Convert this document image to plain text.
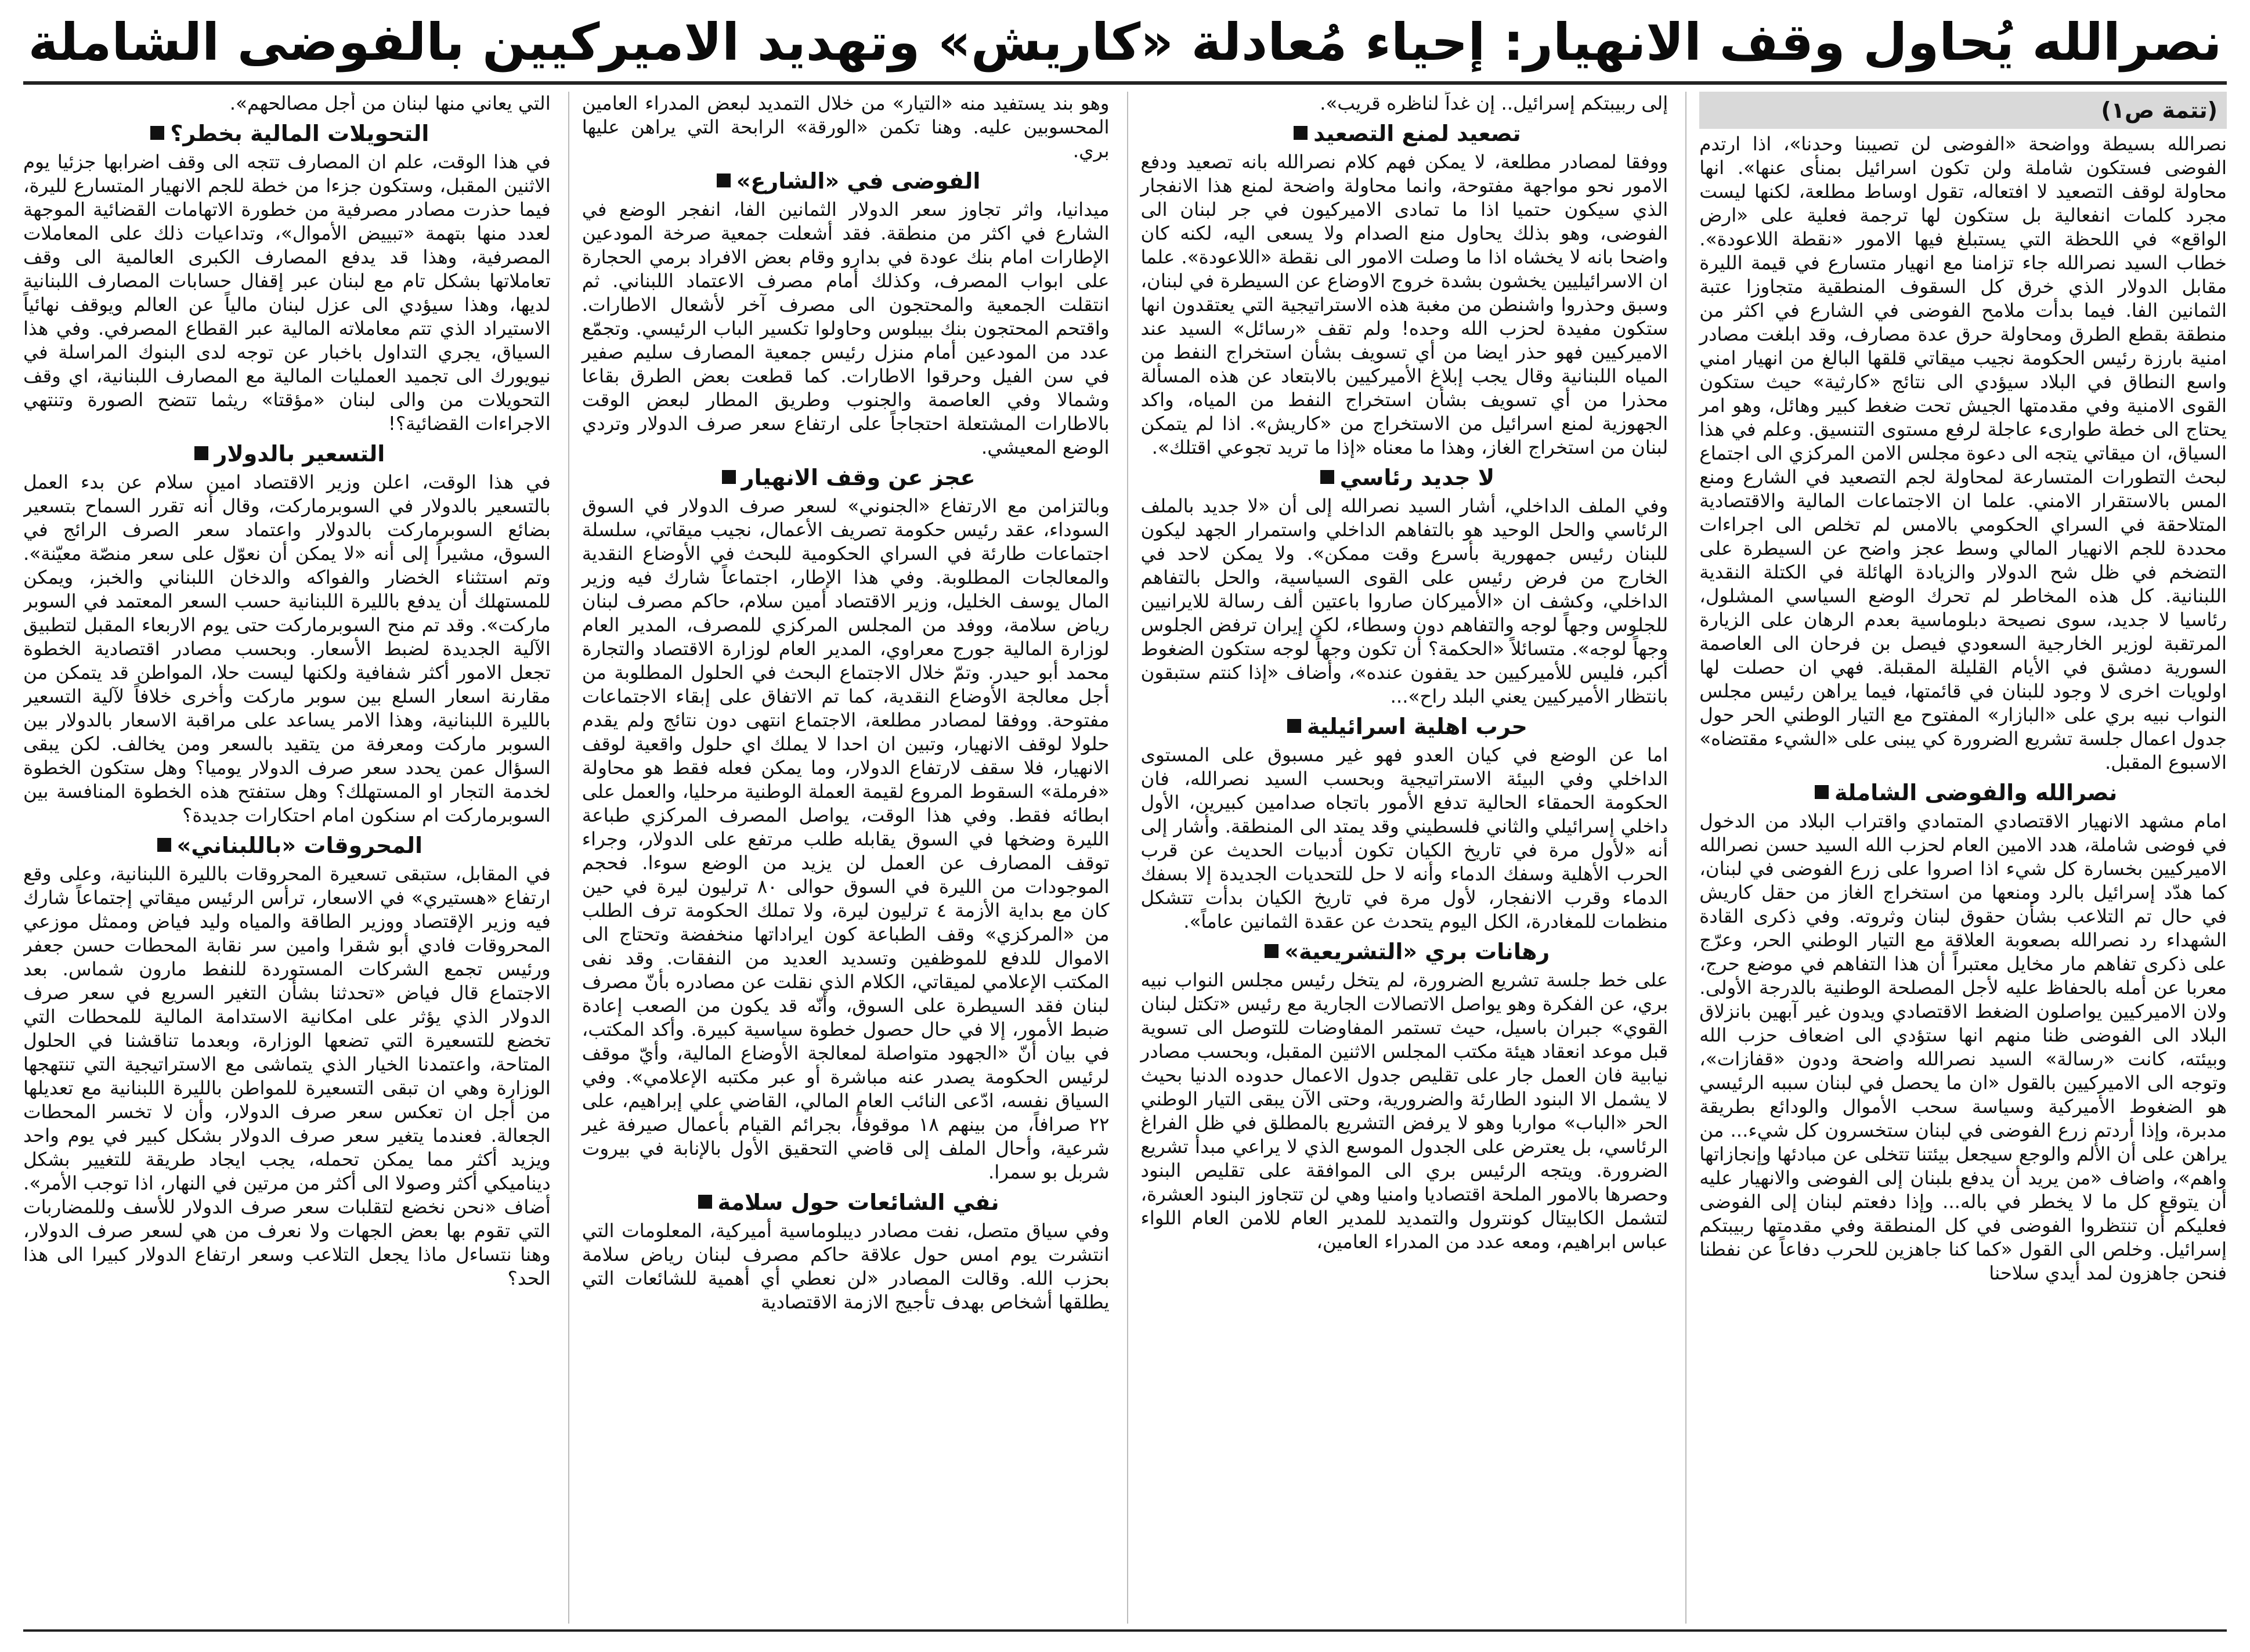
نصرالله يُحاول وقف الانهيار: إحياء مُعادلة «كاريش» وتهديد الاميركيين بالفوضى الشاملة
(تتمة ص١)

نصرالله بسيطة وواضحة «الفوضى لن تصيبنا وحدنا»، اذا ارتدم الفوضى فستكون شاملة ولن تكون اسرائيل بمنأى عنها». انها محاولة لوقف التصعيد لا افتعاله، تقول اوساط مطلعة، لكنها ليست مجرد كلمات انفعالية بل ستكون لها ترجمة فعلية على «ارض الواقع» في اللحظة التي يستبلغ فيها الامور «نقطة اللاعودة». خطاب السيد نصرالله جاء تزامنا مع انهيار متسارع في قيمة الليرة مقابل الدولار الذي خرق كل السقوف المنطقية متجاوزا عتبة الثمانين الفا. فيما بدأت ملامح الفوضى في الشارع في اكثر من منطقة بقطع الطرق ومحاولة حرق عدة مصارف، وقد ابلغت مصادر امنية بارزة رئيس الحكومة نجيب ميقاتي قلقها البالغ من انهيار امني واسع النطاق في البلاد سيؤدي الى نتائج «كارثية» حيث ستكون القوى الامنية وفي مقدمتها الجيش تحت ضغط كبير وهائل، وهو امر يحتاج الى خطة طوارىء عاجلة لرفع مستوى التنسيق. وعلم في هذا السياق، ان ميقاتي يتجه الى دعوة مجلس الامن المركزي الى اجتماع لبحث التطورات المتسارعة لمحاولة لجم التصعيد في الشارع ومنع المس بالاستقرار الامني. علما ان الاجتماعات المالية والاقتصادية المتلاحقة في السراي الحكومي بالامس لم تخلص الى اجراءات محددة للجم الانهيار المالي وسط عجز واضح عن السيطرة على التضخم في ظل شح الدولار والزيادة الهائلة في الكتلة النقدية اللبنانية. كل هذه المخاطر لم تحرك الوضع السياسي المشلول، رئاسيا لا جديد، سوى نصيحة دبلوماسية بعدم الرهان على الزيارة المرتقبة لوزير الخارجية السعودي فيصل بن فرحان الى العاصمة السورية دمشق في الأيام القليلة المقبلة. فهي ان حصلت لها اولويات اخرى لا وجود للبنان في قائمتها، فيما يراهن رئيس مجلس النواب نبيه بري على «البازار» المفتوح مع التيار الوطني الحر حول جدول اعمال جلسة تشريع الضرورة كي يبنى على «الشيء مقتضاه» الاسبوع المقبل.

نصرالله والفوضى الشاملة

امام مشهد الانهيار الاقتصادي المتمادي واقتراب البلاد من الدخول في فوضى شاملة، هدد الامين العام لحزب الله السيد حسن نصرالله الاميركيين بخسارة كل شيء اذا اصروا على زرع الفوضى في لبنان، كما هدّد إسرائيل بالرد ومنعها من استخراج الغاز من حقل كاريش في حال تم التلاعب بشأن حقوق لبنان وثروته. وفي ذكرى القادة الشهداء رد نصرالله بصعوبة العلاقة مع التيار الوطني الحر، وعرّج على ذكرى تفاهم مار مخايل معتبراً أن هذا التفاهم في موضع حرج، معربا عن أمله بالحفاظ عليه لأجل المصلحة الوطنية بالدرجة الأولى. ولان الاميركيين يواصلون الضغط الاقتصادي ويدون غير آبهين بانزلاق البلاد الى الفوضى ظنا منهم انها ستؤدي الى اضعاف حزب الله وبيئته، كانت «رسالة» السيد نصرالله واضحة ودون «قفازات»، وتوجه الى الاميركيين بالقول «ان ما يحصل في لبنان سببه الرئيسي هو الضغوط الأميركية وسياسة سحب الأموال والودائع بطريقة مدبرة، وإذا أردتم زرع الفوضى في لبنان ستخسرون كل شيء... من يراهن على أن الألم والوجع سيجعل بيئتنا تتخلى عن مبادئها وإنجازاتها واهم»، واضاف «من يريد أن يدفع بلبنان إلى الفوضى والانهيار عليه أن يتوقع كل ما لا يخطر في باله... وإذا دفعتم لبنان إلى الفوضى فعليكم أن تنتظروا الفوضى في كل المنطقة وفي مقدمتها ربيبتكم إسرائيل. وخلص الى القول «كما كنا جاهزين للحرب دفاعاً عن نفطنا فنحن جاهزون لمد أيدي سلاحنا

إلى ربيبتكم إسرائيل.. إن غداً لناظره قريب».

تصعيد لمنع التصعيد

ووفقا لمصادر مطلعة، لا يمكن فهم كلام نصرالله بانه تصعيد ودفع الامور نحو مواجهة مفتوحة، وانما محاولة واضحة لمنع هذا الانفجار الذي سيكون حتميا اذا ما تمادى الاميركيون في جر لبنان الى الفوضى، وهو بذلك يحاول منع الصدام ولا يسعى اليه، لكنه كان واضحا بانه لا يخشاه اذا ما وصلت الامور الى نقطة «اللاعودة». علما ان الاسرائيليين يخشون بشدة خروج الاوضاع عن السيطرة في لبنان، وسبق وحذروا واشنطن من مغبة هذه الاستراتيجية التي يعتقدون انها ستكون مفيدة لحزب الله وحده! ولم تقف «رسائل» السيد عند الاميركيين فهو حذر ايضا من أي تسويف بشأن استخراج النفط من المياه اللبنانية وقال يجب إبلاغ الأميركيين بالابتعاد عن هذه المسألة محذرا من أي تسويف بشأن استخراج النفط من المياه، واكد الجهوزية لمنع اسرائيل من الاستخراج من «كاريش». اذا لم يتمكن لبنان من استخراج الغاز، وهذا ما معناه «إذا ما تريد تجوعي اقتلك».

لا جديد رئاسي

وفي الملف الداخلي، أشار السيد نصرالله إلى أن «لا جديد بالملف الرئاسي والحل الوحيد هو بالتفاهم الداخلي واستمرار الجهد ليكون للبنان رئيس جمهورية بأسرع وقت ممكن». ولا يمكن لاحد في الخارج من فرض رئيس على القوى السياسية، والحل بالتفاهم الداخلي، وكشف ان «الأميركان صاروا باعتين ألف رسالة للايرانيين للجلوس وجهاً لوجه والتفاهم دون وسطاء، لكن إيران ترفض الجلوس وجهاً لوجه». متسائلاً «الحكمة؟ أن تكون وجهاً لوجه ستكون الضغوط أكبر، فليس للأميركيين حد يقفون عنده»، وأضاف «إذا كنتم ستبقون بانتظار الأميركيين يعني البلد راح»...

حرب اهلية اسرائيلية

اما عن الوضع في كيان العدو فهو غير مسبوق على المستوى الداخلي وفي البيئة الاستراتيجية وبحسب السيد نصرالله، فان الحكومة الحمقاء الحالية تدفع الأمور باتجاه صدامين كبيرين، الأول داخلي إسرائيلي والثاني فلسطيني وقد يمتد الى المنطقة. وأشار إلى أنه «لأول مرة في تاريخ الكيان تكون أدبيات الحديث عن قرب الحرب الأهلية وسفك الدماء وأنه لا حل للتحديات الجديدة إلا بسفك الدماء وقرب الانفجار، لأول مرة في تاريخ الكيان بدأت تتشكل منظمات للمغادرة، الكل اليوم يتحدث عن عقدة الثمانين عاماً».

رهانات بري «التشريعية»

على خط جلسة تشريع الضرورة، لم يتخل رئيس مجلس النواب نبيه بري، عن الفكرة وهو يواصل الاتصالات الجارية مع رئيس «تكتل لبنان القوي» جبران باسيل، حيث تستمر المفاوضات للتوصل الى تسوية قبل موعد انعقاد هيئة مكتب المجلس الاثنين المقبل، وبحسب مصادر نيابية فان العمل جار على تقليص جدول الاعمال حدوده الدنيا بحيث لا يشمل الا البنود الطارئة والضرورية، وحتى الآن يبقى التيار الوطني الحر «الباب» مواربا وهو لا يرفض التشريع بالمطلق في ظل الفراغ الرئاسي، بل يعترض على الجدول الموسع الذي لا يراعي مبدأ تشريع الضرورة. ويتجه الرئيس بري الى الموافقة على تقليص البنود وحصرها بالامور الملحة اقتصاديا وامنيا وهي لن تتجاوز البنود العشرة، لتشمل الكابيتال كونترول والتمديد للمدير العام للامن العام اللواء عباس ابراهيم، ومعه عدد من المدراء العامين،

وهو بند يستفيد منه «التيار» من خلال التمديد لبعض المدراء العامين المحسوبين عليه. وهنا تكمن «الورقة» الرابحة التي يراهن عليها بري.

الفوضى في «الشارع»

ميدانيا، واثر تجاوز سعر الدولار الثمانين الفا، انفجر الوضع في الشارع في اكثر من منطقة. فقد أشعلت جمعية صرخة المودعين الإطارات امام بنك عودة في بدارو وقام بعض الافراد برمي الحجارة على ابواب المصرف، وكذلك أمام مصرف الاعتماد اللبناني. ثم انتقلت الجمعية والمحتجون الى مصرف آخر لأشعال الاطارات. واقتحم المحتجون بنك بيبلوس وحاولوا تكسير الباب الرئيسي. وتجمّع عدد من المودعين أمام منزل رئيس جمعية المصارف سليم صفير في سن الفيل وحرقوا الاطارات. كما قطعت بعض الطرق بقاعا وشمالا وفي العاصمة والجنوب وطريق المطار لبعض الوقت بالاطارات المشتعلة احتجاجاً على ارتفاع سعر صرف الدولار وتردي الوضع المعيشي.

عجز عن وقف الانهيار

وبالتزامن مع الارتفاع «الجنوني» لسعر صرف الدولار في السوق السوداء، عقد رئيس حكومة تصريف الأعمال، نجيب ميقاتي، سلسلة اجتماعات طارئة في السراي الحكومية للبحث في الأوضاع النقدية والمعالجات المطلوبة. وفي هذا الإطار، اجتماعاً شارك فيه وزير المال يوسف الخليل، وزير الاقتصاد أمين سلام، حاكم مصرف لبنان رياض سلامة، ووفد من المجلس المركزي للمصرف، المدير العام لوزارة المالية جورج معراوي، المدير العام لوزارة الاقتصاد والتجارة محمد أبو حيدر. وتمّ خلال الاجتماع البحث في الحلول المطلوبة من أجل معالجة الأوضاع النقدية، كما تم الاتفاق على إبقاء الاجتماعات مفتوحة. ووفقا لمصادر مطلعة، الاجتماع انتهى دون نتائج ولم يقدم حلولا لوقف الانهيار، وتبين ان احدا لا يملك اي حلول واقعية لوقف الانهيار، فلا سقف لارتفاع الدولار، وما يمكن فعله فقط هو محاولة «فرملة» السقوط المروع لقيمة العملة الوطنية مرحليا، والعمل على ابطائه فقط. وفي هذا الوقت، يواصل المصرف المركزي طباعة الليرة وضخها في السوق يقابله طلب مرتفع على الدولار، وجراء توقف المصارف عن العمل لن يزيد من الوضع سوءا. فحجم الموجودات من الليرة في السوق حوالى ٨٠ ترليون ليرة في حين كان مع بداية الأزمة ٤ ترليون ليرة، ولا تملك الحكومة ترف الطلب من «المركزي» وقف الطباعة كون ايراداتها منخفضة وتحتاج الى الاموال للدفع للموظفين وتسديد العديد من النفقات. وقد نفى المكتب الإعلامي لميقاتي، الكلام الذي نقلت عن مصادره بأنّ مصرف لبنان فقد السيطرة على السوق، وأنّه قد يكون من الصعب إعادة ضبط الأمور، إلا في حال حصول خطوة سياسية كبيرة. وأكد المكتب، في بيان أنّ «الجهود متواصلة لمعالجة الأوضاع المالية، وأيّ موقف لرئيس الحكومة يصدر عنه مباشرة أو عبر مكتبه الإعلامي». وفي السياق نفسه، ادّعى النائب العام المالي، القاضي علي إبراهيم، على ٢٢ صرافاً، من بينهم ١٨ موقوفاً، بجرائم القيام بأعمال صيرفة غير شرعية، وأحال الملف إلى قاضي التحقيق الأول بالإنابة في بيروت شربل بو سمرا.

نفي الشائعات حول سلامة

وفي سياق متصل، نفت مصادر ديبلوماسية أميركية، المعلومات التي انتشرت يوم امس حول علاقة حاكم مصرف لبنان رياض سلامة بحزب الله. وقالت المصادر «لن نعطي أي أهمية للشائعات التي يطلقها أشخاص بهدف تأجيج الازمة الاقتصادية

التي يعاني منها لبنان من أجل مصالحهم».

التحويلات المالية بخطر؟

في هذا الوقت، علم ان المصارف تتجه الى وقف اضرابها جزئيا يوم الاثنين المقبل، وستكون جزءا من خطة للجم الانهيار المتسارع لليرة، فيما حذرت مصادر مصرفية من خطورة الاتهامات القضائية الموجهة لعدد منها بتهمة «تبييض الأموال»، وتداعيات ذلك على المعاملات المصرفية، وهذا قد يدفع المصارف الكبرى العالمية الى وقف تعاملاتها بشكل تام مع لبنان عبر إقفال حسابات المصارف اللبنانية لديها، وهذا سيؤدي الى عزل لبنان مالياً عن العالم ويوقف نهائياً الاستيراد الذي تتم معاملاته المالية عبر القطاع المصرفي. وفي هذا السياق، يجري التداول باخبار عن توجه لدى البنوك المراسلة في نيويورك الى تجميد العمليات المالية مع المصارف اللبنانية، اي وقف التحويلات من والى لبنان «مؤقتا» ريثما تتضح الصورة وتنتهي الاجراءات القضائية؟!

التسعير بالدولار

في هذا الوقت، اعلن وزير الاقتصاد امين سلام عن بدء العمل بالتسعير بالدولار في السوبرماركت، وقال أنه تقرر السماح بتسعير بضائع السوبرماركت بالدولار واعتماد سعر الصرف الرائج في السوق، مشيراً إلى أنه «لا يمكن أن نعوّل على سعر منصّة معيّنة». وتم استثناء الخضار والفواكه والدخان اللبناني والخبز، ويمكن للمستهلك أن يدفع بالليرة اللبنانية حسب السعر المعتمد في السوبر ماركت». وقد تم منح السوبرماركت حتى يوم الاربعاء المقبل لتطبيق الآلية الجديدة لضبط الأسعار. وبحسب مصادر اقتصادية الخطوة تجعل الامور أكثر شفافية ولكنها ليست حلا، المواطن قد يتمكن من مقارنة اسعار السلع بين سوبر ماركت وأخرى خلافاً لآلية التسعير بالليرة اللبنانية، وهذا الامر يساعد على مراقبة الاسعار بالدولار بين السوبر ماركت ومعرفة من يتقيد بالسعر ومن يخالف. لكن يبقى السؤال عمن يحدد سعر صرف الدولار يوميا؟ وهل ستكون الخطوة لخدمة التجار او المستهلك؟ وهل ستفتح هذه الخطوة المنافسة بين السوبرماركت ام سنكون امام احتكارات جديدة؟

المحروقات «باللبناني»

في المقابل، ستبقى تسعيرة المحروقات بالليرة اللبنانية، وعلى وقع ارتفاع «هستيري» في الاسعار، ترأس الرئيس ميقاتي إجتماعاً شارك فيه وزير الإقتصاد ووزير الطاقة والمياه وليد فياض وممثل موزعي المحروقات فادي أبو شقرا وامين سر نقابة المحطات حسن جعفر ورئيس تجمع الشركات المستوردة للنفط مارون شماس. بعد الاجتماع قال فياض «تحدثنا بشأن التغير السريع في سعر صرف الدولار الذي يؤثر على امكانية الاستدامة المالية للمحطات التي تخضع للتسعيرة التي تضعها الوزارة، وبعدما تناقشنا في الحلول المتاحة، واعتمدنا الخيار الذي يتماشى مع الاستراتيجية التي تنتهجها الوزارة وهي ان تبقى التسعيرة للمواطن بالليرة اللبنانية مع تعديلها من أجل ان تعكس سعر صرف الدولار، وأن لا تخسر المحطات الجعالة. فعندما يتغير سعر صرف الدولار بشكل كبير في يوم واحد ويزيد أكثر مما يمكن تحمله، يجب ايجاد طريقة للتغيير بشكل ديناميكي أكثر وصولا الى أكثر من مرتين في النهار، اذا توجب الأمر». أضاف «نحن نخضع لتقلبات سعر صرف الدولار للأسف وللمضاربات التي تقوم بها بعض الجهات ولا نعرف من هي لسعر صرف الدولار، وهنا نتساءل ماذا يجعل التلاعب وسعر ارتفاع الدولار كبيرا الى هذا الحد؟
